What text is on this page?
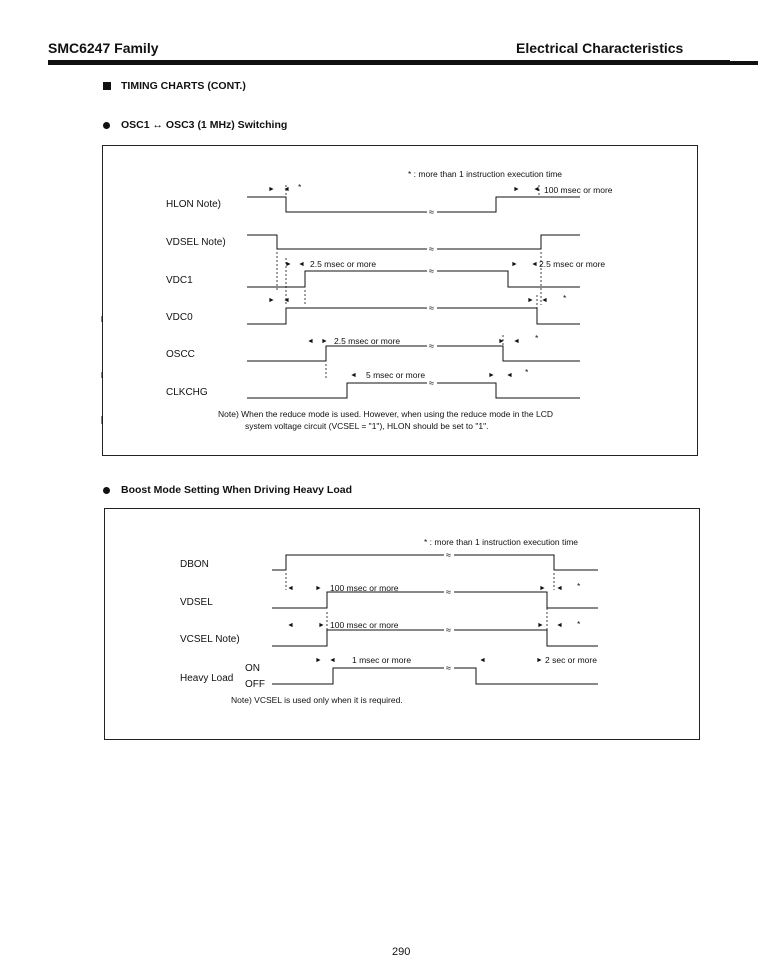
SMC6247 Family	Electrical Characteristics
TIMING CHARTS (CONT.)
OSC1 ↔ OSC3 (1 MHz) Switching
Boost Mode Setting When Driving Heavy Load
≈
≈
≈
≈
≈
≈
≈
≈
≈
≈
► ◄	► ◄
► ◄	► ◄
► ◄	► ◄
◄ ►	► ◄
◄	► ◄
◄	►	► ◄
◄	►	► ◄
► ◄	◄	►
* : more than 1 instruction execution time
HLON Note)
VDSEL Note)
VDC1
VDC0
OSCC
CLKCHG
*	100 msec or more
2.5 msec or more	2.5 msec or more
*
2.5 msec or more	*
5 msec or more	*
Note) When the reduce mode is used. However, when using the reduce mode in the LCD
system voltage circuit (VCSEL = "1"), HLON should be set to "1".
* : more than 1 instruction execution time
DBON
VDSEL
VCSEL Note)
Heavy Load
ON
OFF
100 msec or more	*
100 msec or more	*
1 msec or more	2 sec or more
Note) VCSEL is used only when it is required.
290
